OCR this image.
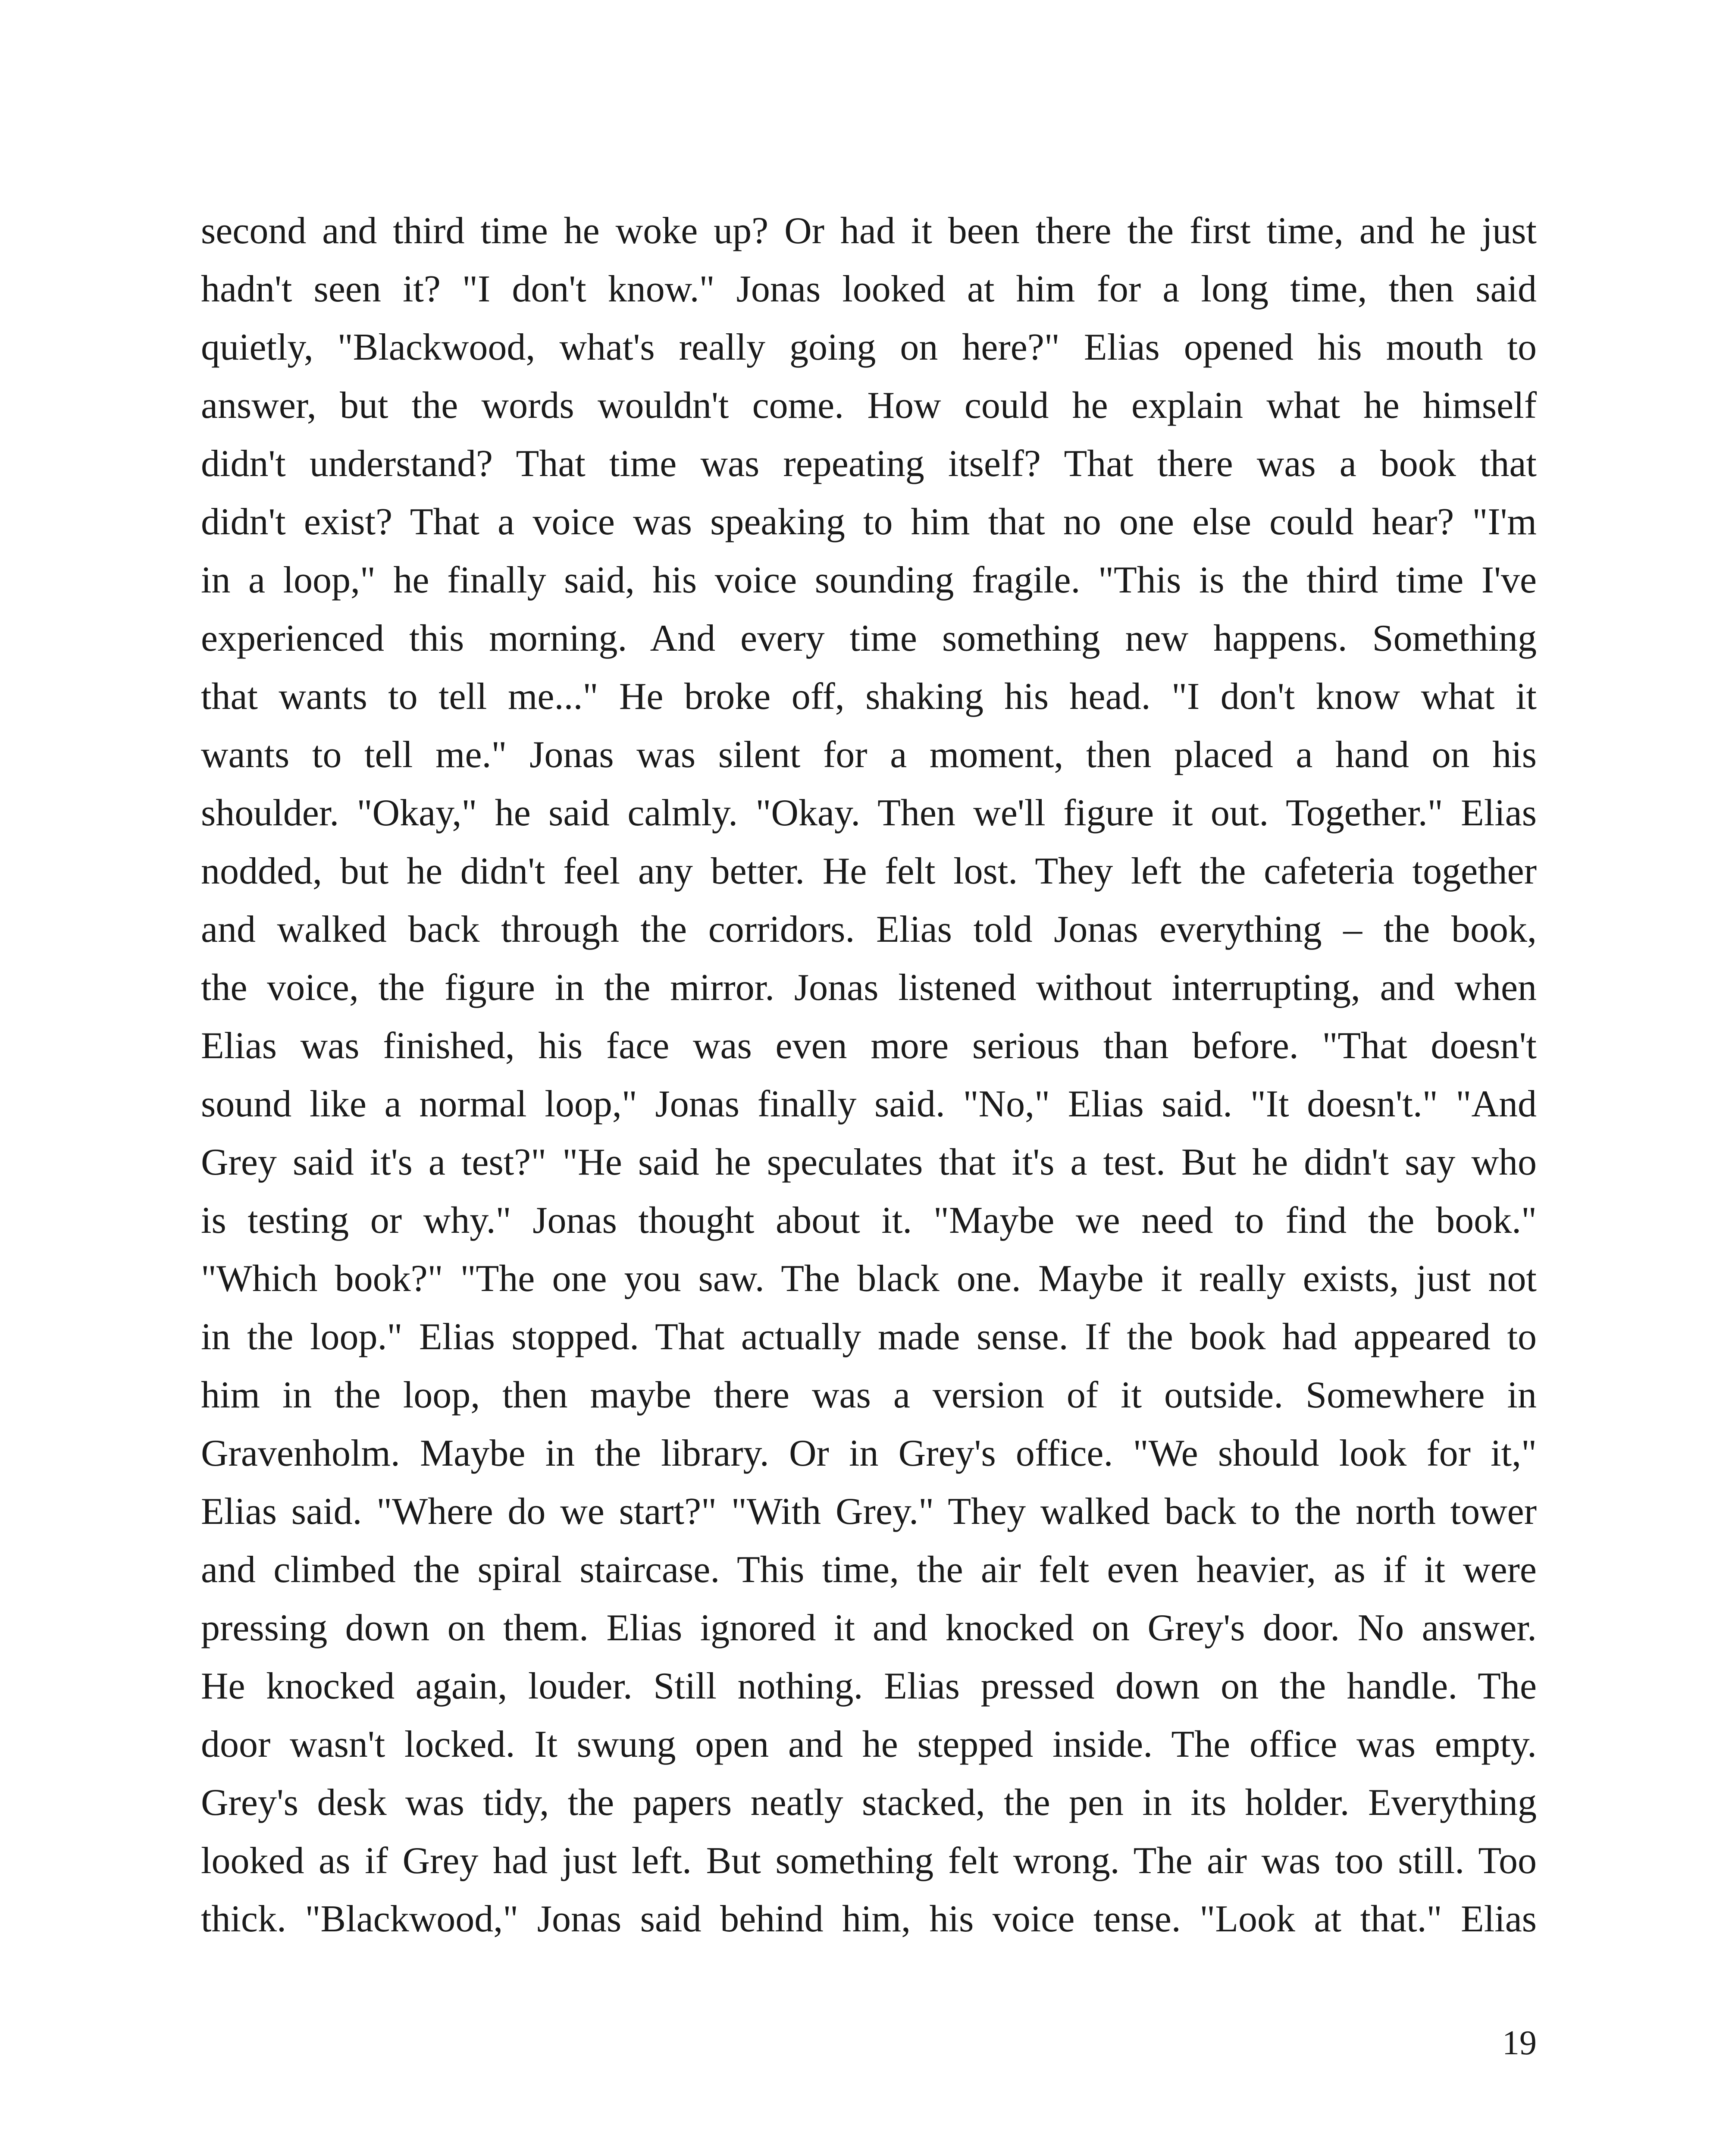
second and third time he woke up? Or had it been there the first time, and he just
hadn't seen it? "I don't know." Jonas looked at him for a long time, then said
quietly, "Blackwood, what's really going on here?" Elias opened his mouth to
answer, but the words wouldn't come. How could he explain what he himself
didn't understand? That time was repeating itself? That there was a book that
didn't exist? That a voice was speaking to him that no one else could hear? "I'm
in a loop," he finally said, his voice sounding fragile. "This is the third time I've
experienced this morning. And every time something new happens. Something
that wants to tell me..." He broke off, shaking his head. "I don't know what it
wants to tell me." Jonas was silent for a moment, then placed a hand on his
shoulder. "Okay," he said calmly. "Okay. Then we'll figure it out. Together." Elias
nodded, but he didn't feel any better. He felt lost. They left the cafeteria together
and walked back through the corridors. Elias told Jonas everything – the book,
the voice, the figure in the mirror. Jonas listened without interrupting, and when
Elias was finished, his face was even more serious than before. "That doesn't
sound like a normal loop," Jonas finally said. "No," Elias said. "It doesn't." "And
Grey said it's a test?" "He said he speculates that it's a test. But he didn't say who
is testing or why." Jonas thought about it. "Maybe we need to find the book."
"Which book?" "The one you saw. The black one. Maybe it really exists, just not
in the loop." Elias stopped. That actually made sense. If the book had appeared to
him in the loop, then maybe there was a version of it outside. Somewhere in
Gravenholm. Maybe in the library. Or in Grey's office. "We should look for it,"
Elias said. "Where do we start?" "With Grey." They walked back to the north tower
and climbed the spiral staircase. This time, the air felt even heavier, as if it were
pressing down on them. Elias ignored it and knocked on Grey's door. No answer.
He knocked again, louder. Still nothing. Elias pressed down on the handle. The
door wasn't locked. It swung open and he stepped inside. The office was empty.
Grey's desk was tidy, the papers neatly stacked, the pen in its holder. Everything
looked as if Grey had just left. But something felt wrong. The air was too still. Too
thick. "Blackwood," Jonas said behind him, his voice tense. "Look at that." Elias
19
